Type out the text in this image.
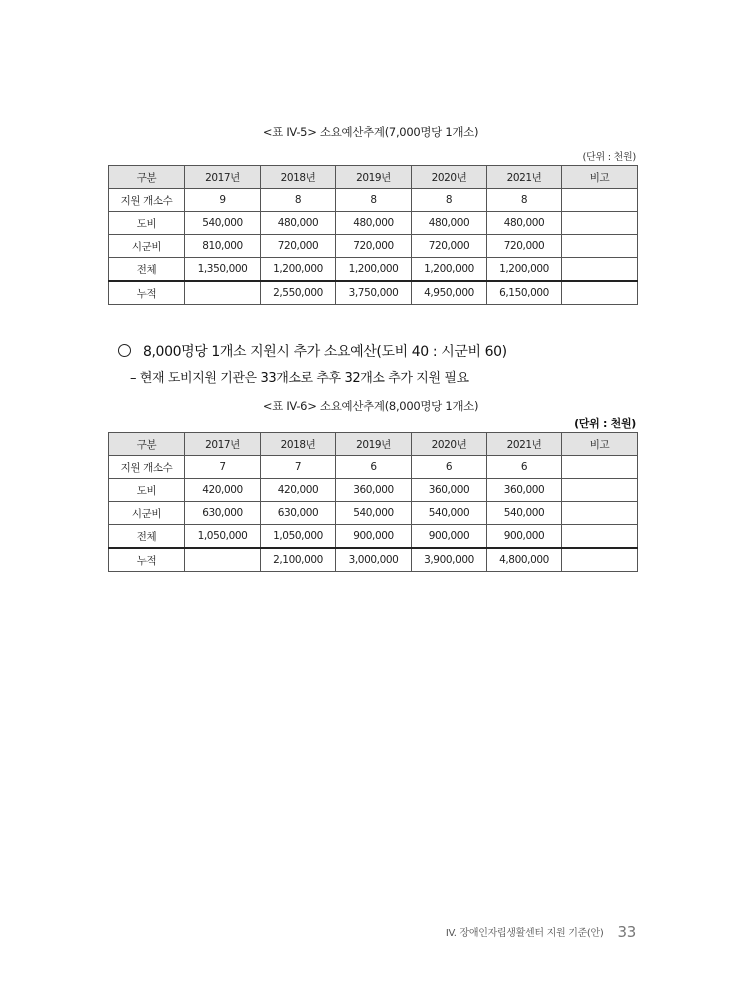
<표 IV-5> 소요예산추계(7,000명당 1개소)
(단위 : 천원)
구분	2017년	2018년	2019년	2020년	2021년	비고
지원 개소수	9	8	8	8	8	
도비	540,000	480,000	480,000	480,000	480,000	
시군비	810,000	720,000	720,000	720,000	720,000	
전체	1,350,000	1,200,000	1,200,000	1,200,000	1,200,000	
누적		2,550,000	3,750,000	4,950,000	6,150,000	
8,000명당 1개소 지원시 추가 소요예산(도비 40 : 시군비 60)
– 현재 도비지원 기관은 33개소로 추후 32개소 추가 지원 필요
<표 IV-6> 소요예산추계(8,000명당 1개소)
(단위 : 천원)
구분	2017년	2018년	2019년	2020년	2021년	비고
지원 개소수	7	7	6	6	6	
도비	420,000	420,000	360,000	360,000	360,000	
시군비	630,000	630,000	540,000	540,000	540,000	
전체	1,050,000	1,050,000	900,000	900,000	900,000	
누적		2,100,000	3,000,000	3,900,000	4,800,000	
IV. 장애인자립생활센터 지원 기준(안) 33
